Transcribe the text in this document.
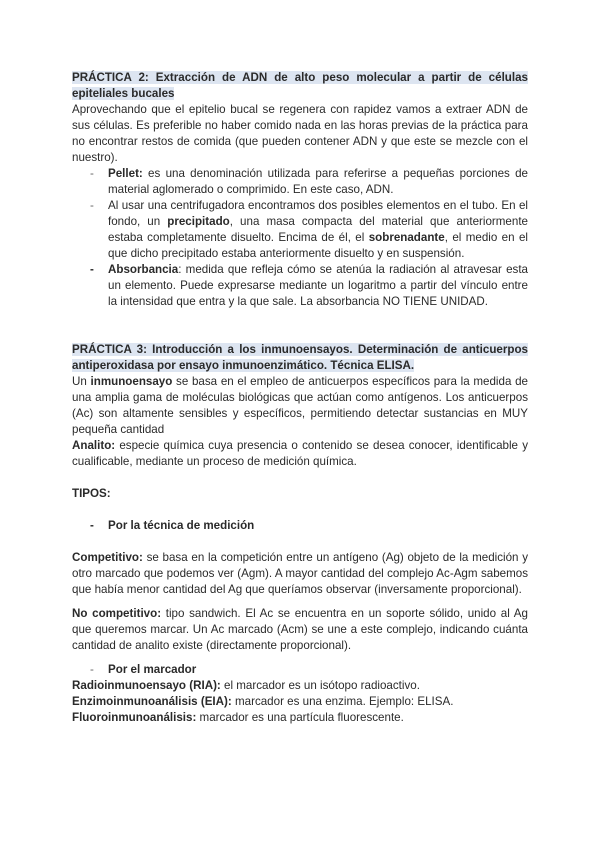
PRÁCTICA 2: Extracción de ADN de alto peso molecular a partir de células epiteliales bucales

Aprovechando que el epitelio bucal se regenera con rapidez vamos a extraer ADN de sus células. Es preferible no haber comido nada en las horas previas de la práctica para no encontrar restos de comida (que pueden contener ADN y que este se mezcle con el nuestro).

- Pellet: es una denominación utilizada para referirse a pequeñas porciones de material aglomerado o comprimido. En este caso, ADN.
- Al usar una centrifugadora encontramos dos posibles elementos en el tubo. En el fondo, un precipitado, una masa compacta del material que anteriormente estaba completamente disuelto. Encima de él, el sobrenadante, el medio en el que dicho precipitado estaba anteriormente disuelto y en suspensión.
- Absorbancia: medida que refleja cómo se atenúa la radiación al atravesar esta un elemento. Puede expresarse mediante un logaritmo a partir del vínculo entre la intensidad que entra y la que sale. La absorbancia NO TIENE UNIDAD.

PRÁCTICA 3: Introducción a los inmunoensayos. Determinación de anticuerpos antiperoxidasa por ensayo inmunoenzimático. Técnica ELISA.

Un inmunoensayo se basa en el empleo de anticuerpos específicos para la medida de una amplia gama de moléculas biológicas que actúan como antígenos. Los anticuerpos (Ac) son altamente sensibles y específicos, permitiendo detectar sustancias en MUY pequeña cantidad

Analito: especie química cuya presencia o contenido se desea conocer, identificable y cualificable, mediante un proceso de medición química.

TIPOS:

- Por la técnica de medición

Competitivo: se basa en la competición entre un antígeno (Ag) objeto de la medición y otro marcado que podemos ver (Agm). A mayor cantidad del complejo Ac-Agm sabemos que había menor cantidad del Ag que queríamos observar (inversamente proporcional).

No competitivo: tipo sandwich. El Ac se encuentra en un soporte sólido, unido al Ag que queremos marcar. Un Ac marcado (Acm) se une a este complejo, indicando cuánta cantidad de analito existe (directamente proporcional).

- Por el marcador

Radioinmunoensayo (RIA): el marcador es un isótopo radioactivo.

Enzimoinmunoanálisis (EIA): marcador es una enzima. Ejemplo: ELISA.

Fluoroinmunoanálisis: marcador es una partícula fluorescente.
